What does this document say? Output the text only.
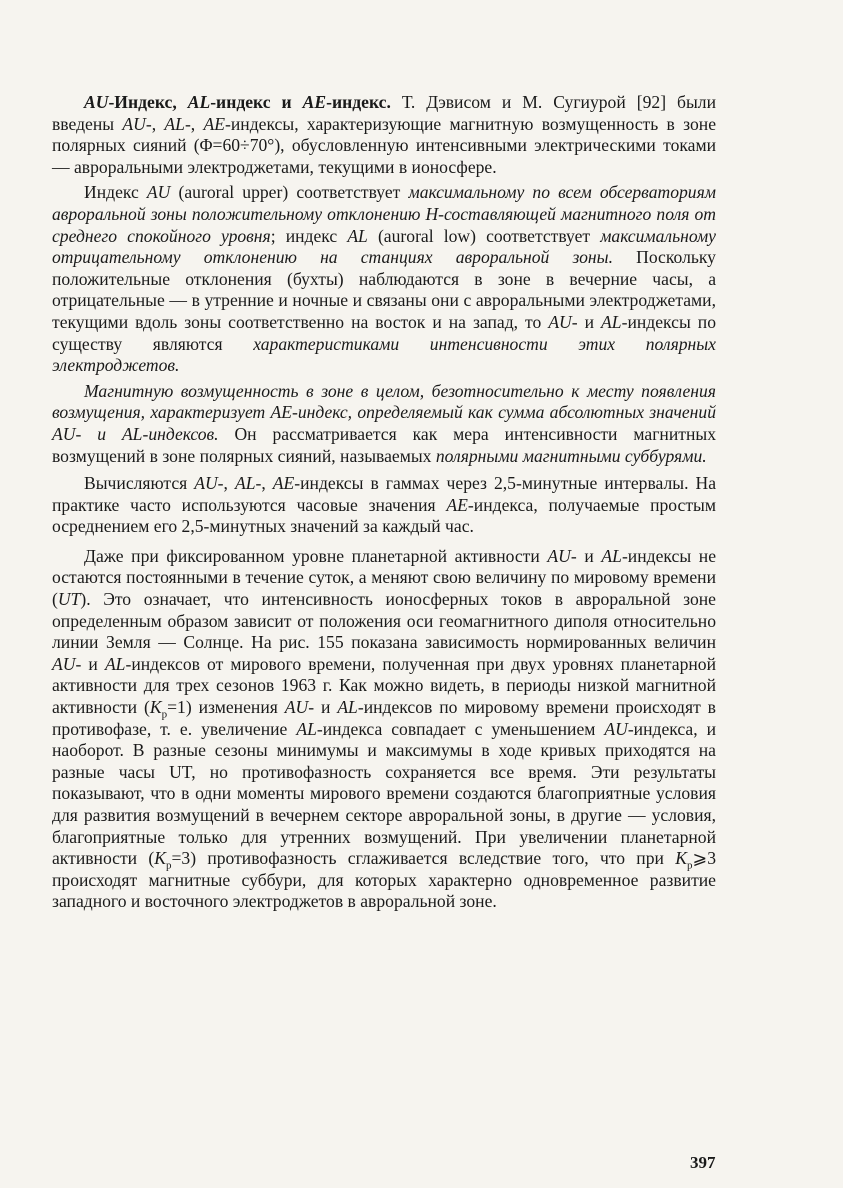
AU-Индекс, AL-индекс и AE-индекс. Т. Дэвисом и М. Сугиурой [92] были введены AU-, AL-, AE-индексы, характеризующие магнитную возмущенность в зоне полярных сияний (Φ=60÷70°), обусловленную интенсивными электрическими токами — авроральными электроджетами, текущими в ионосфере.

Индекс AU (auroral upper) соответствует максимальному по всем обсерваториям авроральной зоны положительному отклонению H-составляющей магнитного поля от среднего спокойного уровня; индекс AL (auroral low) соответствует максимальному отрицательному отклонению на станциях авроральной зоны. Поскольку положительные отклонения (бухты) наблюдаются в зоне в вечерние часы, а отрицательные — в утренние и ночные и связаны они с авроральными электроджетами, текущими вдоль зоны соответственно на восток и на запад, то AU- и AL-индексы по существу являются характеристиками интенсивности этих полярных электроджетов.

Магнитную возмущенность в зоне в целом, безотносительно к месту появления возмущения, характеризует AE-индекс, определяемый как сумма абсолютных значений AU- и AL-индексов. Он рассматривается как мера интенсивности магнитных возмущений в зоне полярных сияний, называемых полярными магнитными суббурями.

Вычисляются AU-, AL-, AE-индексы в гаммах через 2,5-минутные интервалы. На практике часто используются часовые значения AE-индекса, получаемые простым осреднением его 2,5-минутных значений за каждый час.

Даже при фиксированном уровне планетарной активности AU- и AL-индексы не остаются постоянными в течение суток, а меняют свою величину по мировому времени (UT). Это означает, что интенсивность ионосферных токов в авроральной зоне определенным образом зависит от положения оси геомагнитного диполя относительно линии Земля — Солнце. На рис. 155 показана зависимость нормированных величин AU- и AL-индексов от мирового времени, полученная при двух уровнях планетарной активности для трех сезонов 1963 г. Как можно видеть, в периоды низкой магнитной активности $(K_p=1)$ изменения AU- и AL-индексов по мировому времени происходят в противофазе, т. е. увеличение AL-индекса совпадает с уменьшением AU-индекса, и наоборот. В разные сезоны минимумы и максимумы в ходе кривых приходятся на разные часы UT, но противофазность сохраняется все время. Эти результаты показывают, что в одни моменты мирового времени создаются благоприятные условия для развития возмущений в вечернем секторе авроральной зоны, в другие — условия, благоприятные только для утренних возмущений. При увеличении планетарной активности $(K_p=3)$ противофазность сглаживается вследствие того, что при $K_p⩾3$ происходят магнитные суббури, для которых характерно одновременное развитие западного и восточного электроджетов в авроральной зоне.

397
